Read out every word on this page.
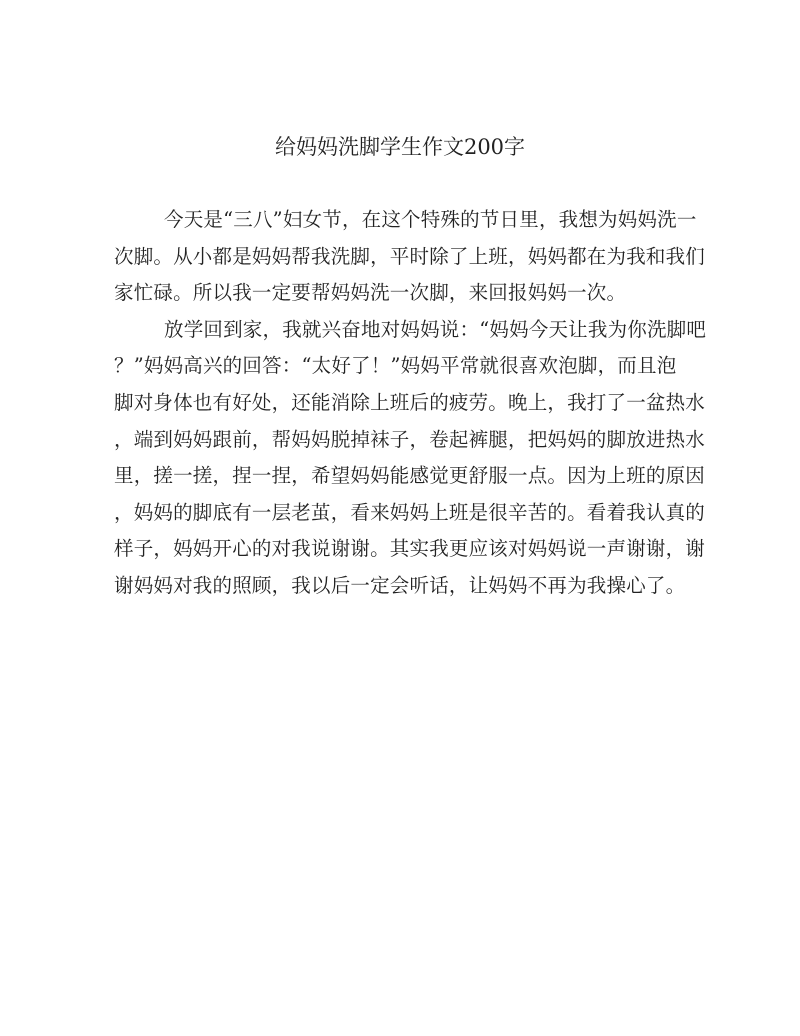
给妈妈洗脚学生作文200字
今天是“三八”妇女节，在这个特殊的节日里，我想为妈妈洗一
次脚。从小都是妈妈帮我洗脚，平时除了上班，妈妈都在为我和我们
家忙碌。所以我一定要帮妈妈洗一次脚，来回报妈妈一次。
放学回到家，我就兴奋地对妈妈说：“妈妈今天让我为你洗脚吧
？”妈妈高兴的回答：“太好了！”妈妈平常就很喜欢泡脚，而且泡
脚对身体也有好处，还能消除上班后的疲劳。晚上，我打了一盆热水
，端到妈妈跟前，帮妈妈脱掉袜子，卷起裤腿，把妈妈的脚放进热水
里，搓一搓，捏一捏，希望妈妈能感觉更舒服一点。因为上班的原因
，妈妈的脚底有一层老茧，看来妈妈上班是很辛苦的。看着我认真的
样子，妈妈开心的对我说谢谢。其实我更应该对妈妈说一声谢谢，谢
谢妈妈对我的照顾，我以后一定会听话，让妈妈不再为我操心了。
